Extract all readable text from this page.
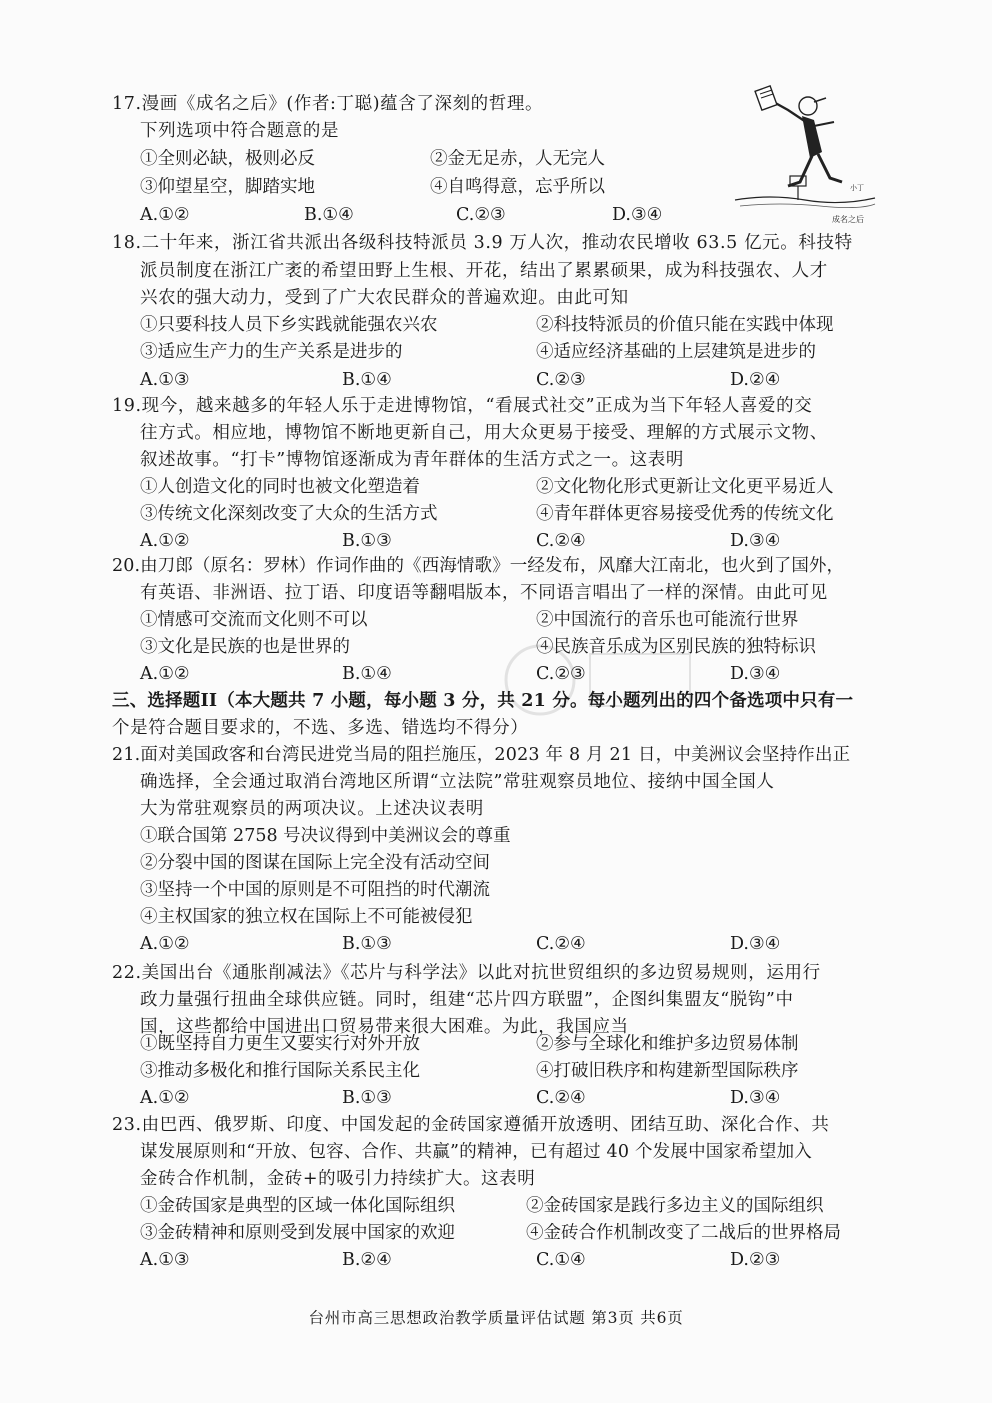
小丁
成名之后
17.漫画《成名之后》(作者:丁聪)蕴含了深刻的哲理。
下列选项中符合题意的是
①全则必缺，极则必反	②金无足赤，人无完人
③仰望星空，脚踏实地	④自鸣得意，忘乎所以
A.①②	B.①④	C.②③	D.③④
18.二十年来，浙江省共派出各级科技特派员 3.9 万人次，推动农民增收 63.5 亿元。科技特
派员制度在浙江广袤的希望田野上生根、开花，结出了累累硕果，成为科技强农、人才
兴农的强大动力，受到了广大农民群众的普遍欢迎。由此可知
①只要科技人员下乡实践就能强农兴农	②科技特派员的价值只能在实践中体现
③适应生产力的生产关系是进步的	④适应经济基础的上层建筑是进步的
A.①③	B.①④	C.②③	D.②④
19.现今，越来越多的年轻人乐于走进博物馆，“看展式社交”正成为当下年轻人喜爱的交
往方式。相应地，博物馆不断地更新自己，用大众更易于接受、理解的方式展示文物、
叙述故事。“打卡”博物馆逐渐成为青年群体的生活方式之一。这表明
①人创造文化的同时也被文化塑造着	②文化物化形式更新让文化更平易近人
③传统文化深刻改变了大众的生活方式	④青年群体更容易接受优秀的传统文化
A.①②	B.①③	C.②④	D.③④
20.由刀郎（原名：罗林）作词作曲的《西海情歌》一经发布，风靡大江南北，也火到了国外，
有英语、非洲语、拉丁语、印度语等翻唱版本，不同语言唱出了一样的深情。由此可见
①情感可交流而文化则不可以	②中国流行的音乐也可能流行世界
③文化是民族的也是世界的	④民族音乐成为区别民族的独特标识
A.①②	B.①④	C.②③	D.③④
三、选择题II（本大题共 7 小题，每小题 3 分，共 21 分。每小题列出的四个备选项中只有一
个是符合题目要求的，不选、多选、错选均不得分）
21.面对美国政客和台湾民进党当局的阻拦施压，2023 年 8 月 21 日，中美洲议会坚持作出正
确选择，全会通过取消台湾地区所谓“立法院”常驻观察员地位、接纳中国全国人
大为常驻观察员的两项决议。上述决议表明
①联合国第 2758 号决议得到中美洲议会的尊重
②分裂中国的图谋在国际上完全没有活动空间
③坚持一个中国的原则是不可阻挡的时代潮流
④主权国家的独立权在国际上不可能被侵犯
A.①②	B.①③	C.②④	D.③④
22.美国出台《通胀削减法》《芯片与科学法》以此对抗世贸组织的多边贸易规则，运用行
政力量强行扭曲全球供应链。同时，组建“芯片四方联盟”，企图纠集盟友“脱钩”中
国，这些都给中国进出口贸易带来很大困难。为此，我国应当
①既坚持自力更生又要实行对外开放	②参与全球化和维护多边贸易体制
③推动多极化和推行国际关系民主化	④打破旧秩序和构建新型国际秩序
A.①②	B.①③	C.②④	D.③④
23.由巴西、俄罗斯、印度、中国发起的金砖国家遵循开放透明、团结互助、深化合作、共
谋发展原则和“开放、包容、合作、共赢”的精神，已有超过 40 个发展中国家希望加入
金砖合作机制，金砖+的吸引力持续扩大。这表明
①金砖国家是典型的区域一体化国际组织	②金砖国家是践行多边主义的国际组织
③金砖精神和原则受到发展中国家的欢迎	④金砖合作机制改变了二战后的世界格局
A.①③	B.②④	C.①④	D.②③
台州市高三思想政治教学质量评估试题 第3页 共6页
